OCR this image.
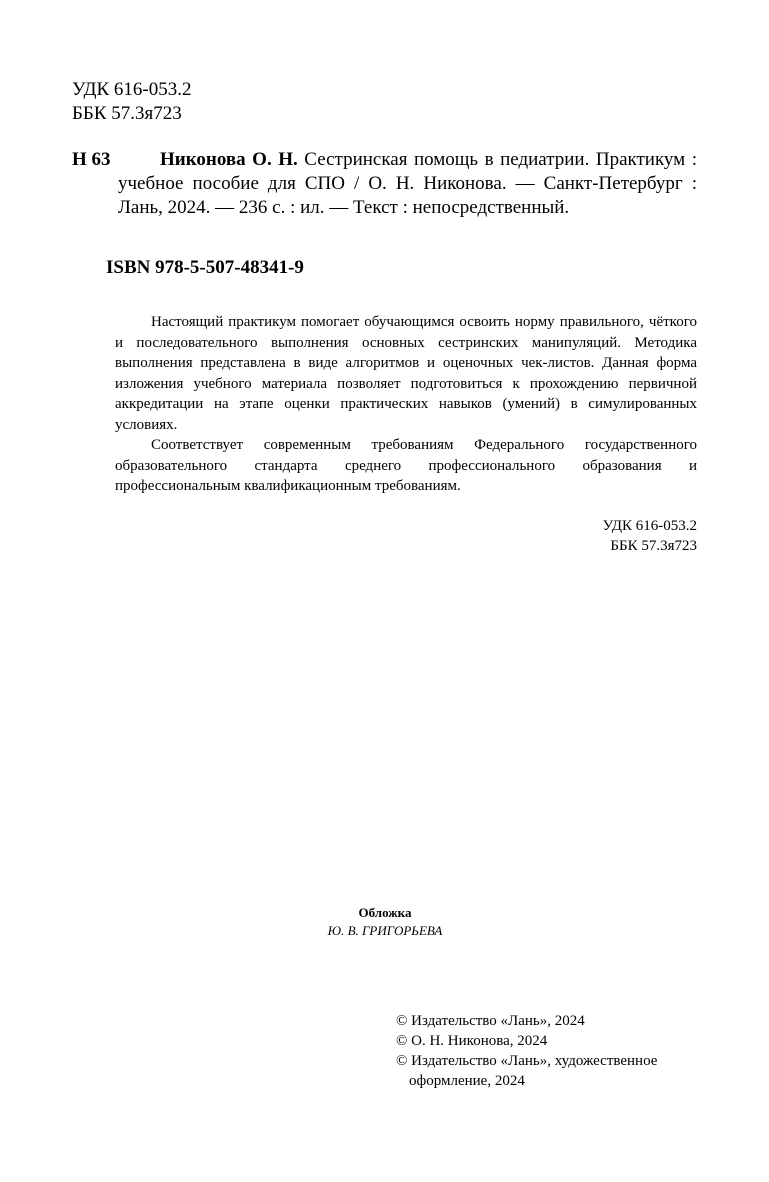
УДК 616-053.2
ББК 57.3я723
Н 63	Никонова О. Н. Сестринская помощь в педиатрии. Практикум : учебное пособие для СПО / О. Н. Никонова. — Санкт-Петербург : Лань, 2024. — 236 с. : ил. — Текст : непосредственный.
ISBN 978-5-507-48341-9

Настоящий практикум помогает обучающимся освоить норму правильного, чёткого и последовательного выполнения основных сестринских манипуляций. Методика выполнения представлена в виде алгоритмов и оценочных чек-листов. Данная форма изложения учебного материала позволяет подготовиться к прохождению первичной аккредитации на этапе оценки практических навыков (умений) в симулированных условиях.

Соответствует современным требованиям Федерального государственного образовательного стандарта среднего профессионального образования и профессиональным квалификационным требованиям.

УДК 616-053.2
ББК 57.3я723
Обложка
Ю. В. ГРИГОРЬЕВА
© Издательство «Лань», 2024
© О. Н. Никонова, 2024
© Издательство «Лань», художественное оформление, 2024
